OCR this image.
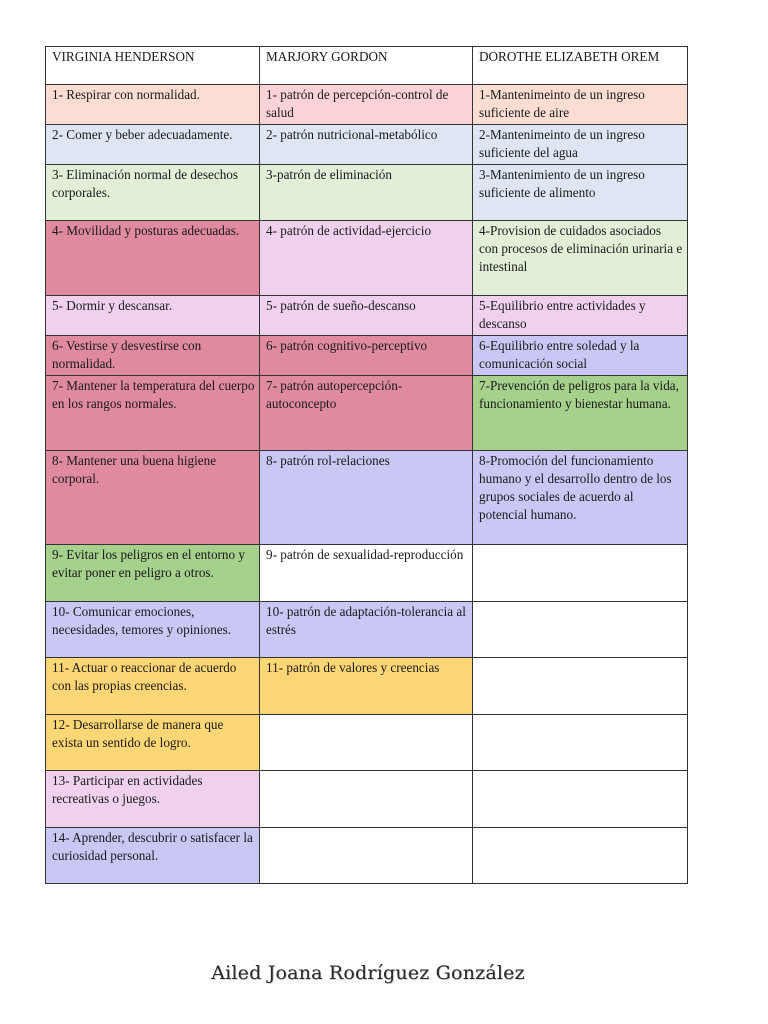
VIRGINIA HENDERSON	MARJORY GORDON	DOROTHE ELIZABETH OREM
1- Respirar con normalidad.	1- patrón de percepción-control de salud	1-Mantenimeinto de un ingreso suficiente de aire
2- Comer y beber adecuadamente.	2- patrón nutricional-metabólico	2-Mantenimeinto de un ingreso suficiente del agua
3- Eliminación normal de desechos corporales.	3-patrón de eliminación	3-Mantenimiento de un ingreso suficiente de alimento
4- Movilidad y posturas adecuadas.	4- patrón de actividad-ejercicio	4-Provision de cuidados asociados con procesos de eliminación urinaria e intestinal
5- Dormir y descansar.	5- patrón de sueño-descanso	5-Equilibrio entre actividades y descanso
6- Vestirse y desvestirse con normalidad.	6- patrón cognitivo-perceptivo	6-Equilibrio entre soledad y la comunicación social
7- Mantener la temperatura del cuerpo en los rangos normales.	7- patrón autopercepción-autoconcepto	7-Prevención de peligros para la vida, funcionamiento y bienestar humana.
8- Mantener una buena higiene corporal.	8- patrón rol-relaciones	8-Promoción del funcionamiento humano y el desarrollo dentro de los grupos sociales de acuerdo al potencial humano.
9- Evitar los peligros en el entorno y evitar poner en peligro a otros.	9- patrón de sexualidad-reproducción	
10- Comunicar emociones, necesidades, temores y opiniones.	10- patrón de adaptación-tolerancia al estrés	
11- Actuar o reaccionar de acuerdo con las propias creencias.	11- patrón de valores y creencias	
12- Desarrollarse de manera que exista un sentido de logro.		
13- Participar en actividades recreativas o juegos.		
14- Aprender, descubrir o satisfacer la curiosidad personal.		
Ailed Joana Rodríguez González
